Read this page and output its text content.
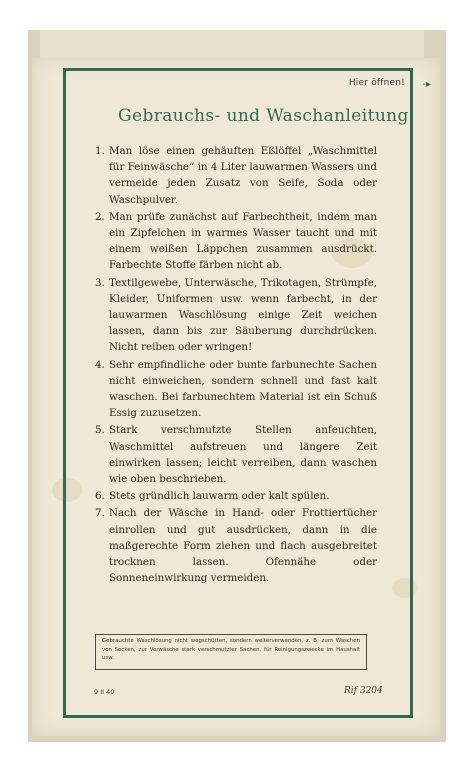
Hier öffnen! -▸
Gebrauchs- und Waschanleitung
1. Man löse einen gehäuften Eßlöffel „Waschmittel für Feinwäsche“ in 4 Liter lauwarmen Wassers und vermeide jeden Zusatz von Seife, Soda oder Waschpulver.
2. Man prüfe zunächst auf Farbechtheit, indem man ein Zipfelchen in warmes Wasser taucht und mit einem weißen Läppchen zusammen ausdrückt. Farbechte Stoffe färben nicht ab.
3. Textilgewebe, Unterwäsche, Trikotagen, Strümpfe, Kleider, Uniformen usw. wenn farbecht, in der lauwarmen Waschlösung einige Zeit weichen lassen, dann bis zur Säuberung durchdrücken. Nicht reiben oder wringen!
4. Sehr empfindliche oder bunte farbunechte Sachen nicht einweichen, sondern schnell und fast kalt waschen. Bei farbunechtem Material ist ein Schuß Essig zuzusetzen.
5. Stark verschmutzte Stellen anfeuchten, Waschmittel aufstreuen und längere Zeit einwirken lassen; leicht verreiben, dann waschen wie oben beschrieben.
6. Stets gründlich lauwarm oder kalt spülen.
7. Nach der Wäsche in Hand- oder Frottiertücher einrollen und gut ausdrücken, dann in die maßgerechte Form ziehen und flach ausgebreitet trocknen lassen. Ofennähe oder Sonneneinwirkung vermeiden.
Gebrauchte Waschlösung nicht wegschütten, sondern weiterverwenden, z. B. zum Waschen von Socken, zur Vorwäsche stark verschmutzter Sachen, für Reinigungszwecke im Haushalt usw.
9 II 40	Rif 3204
